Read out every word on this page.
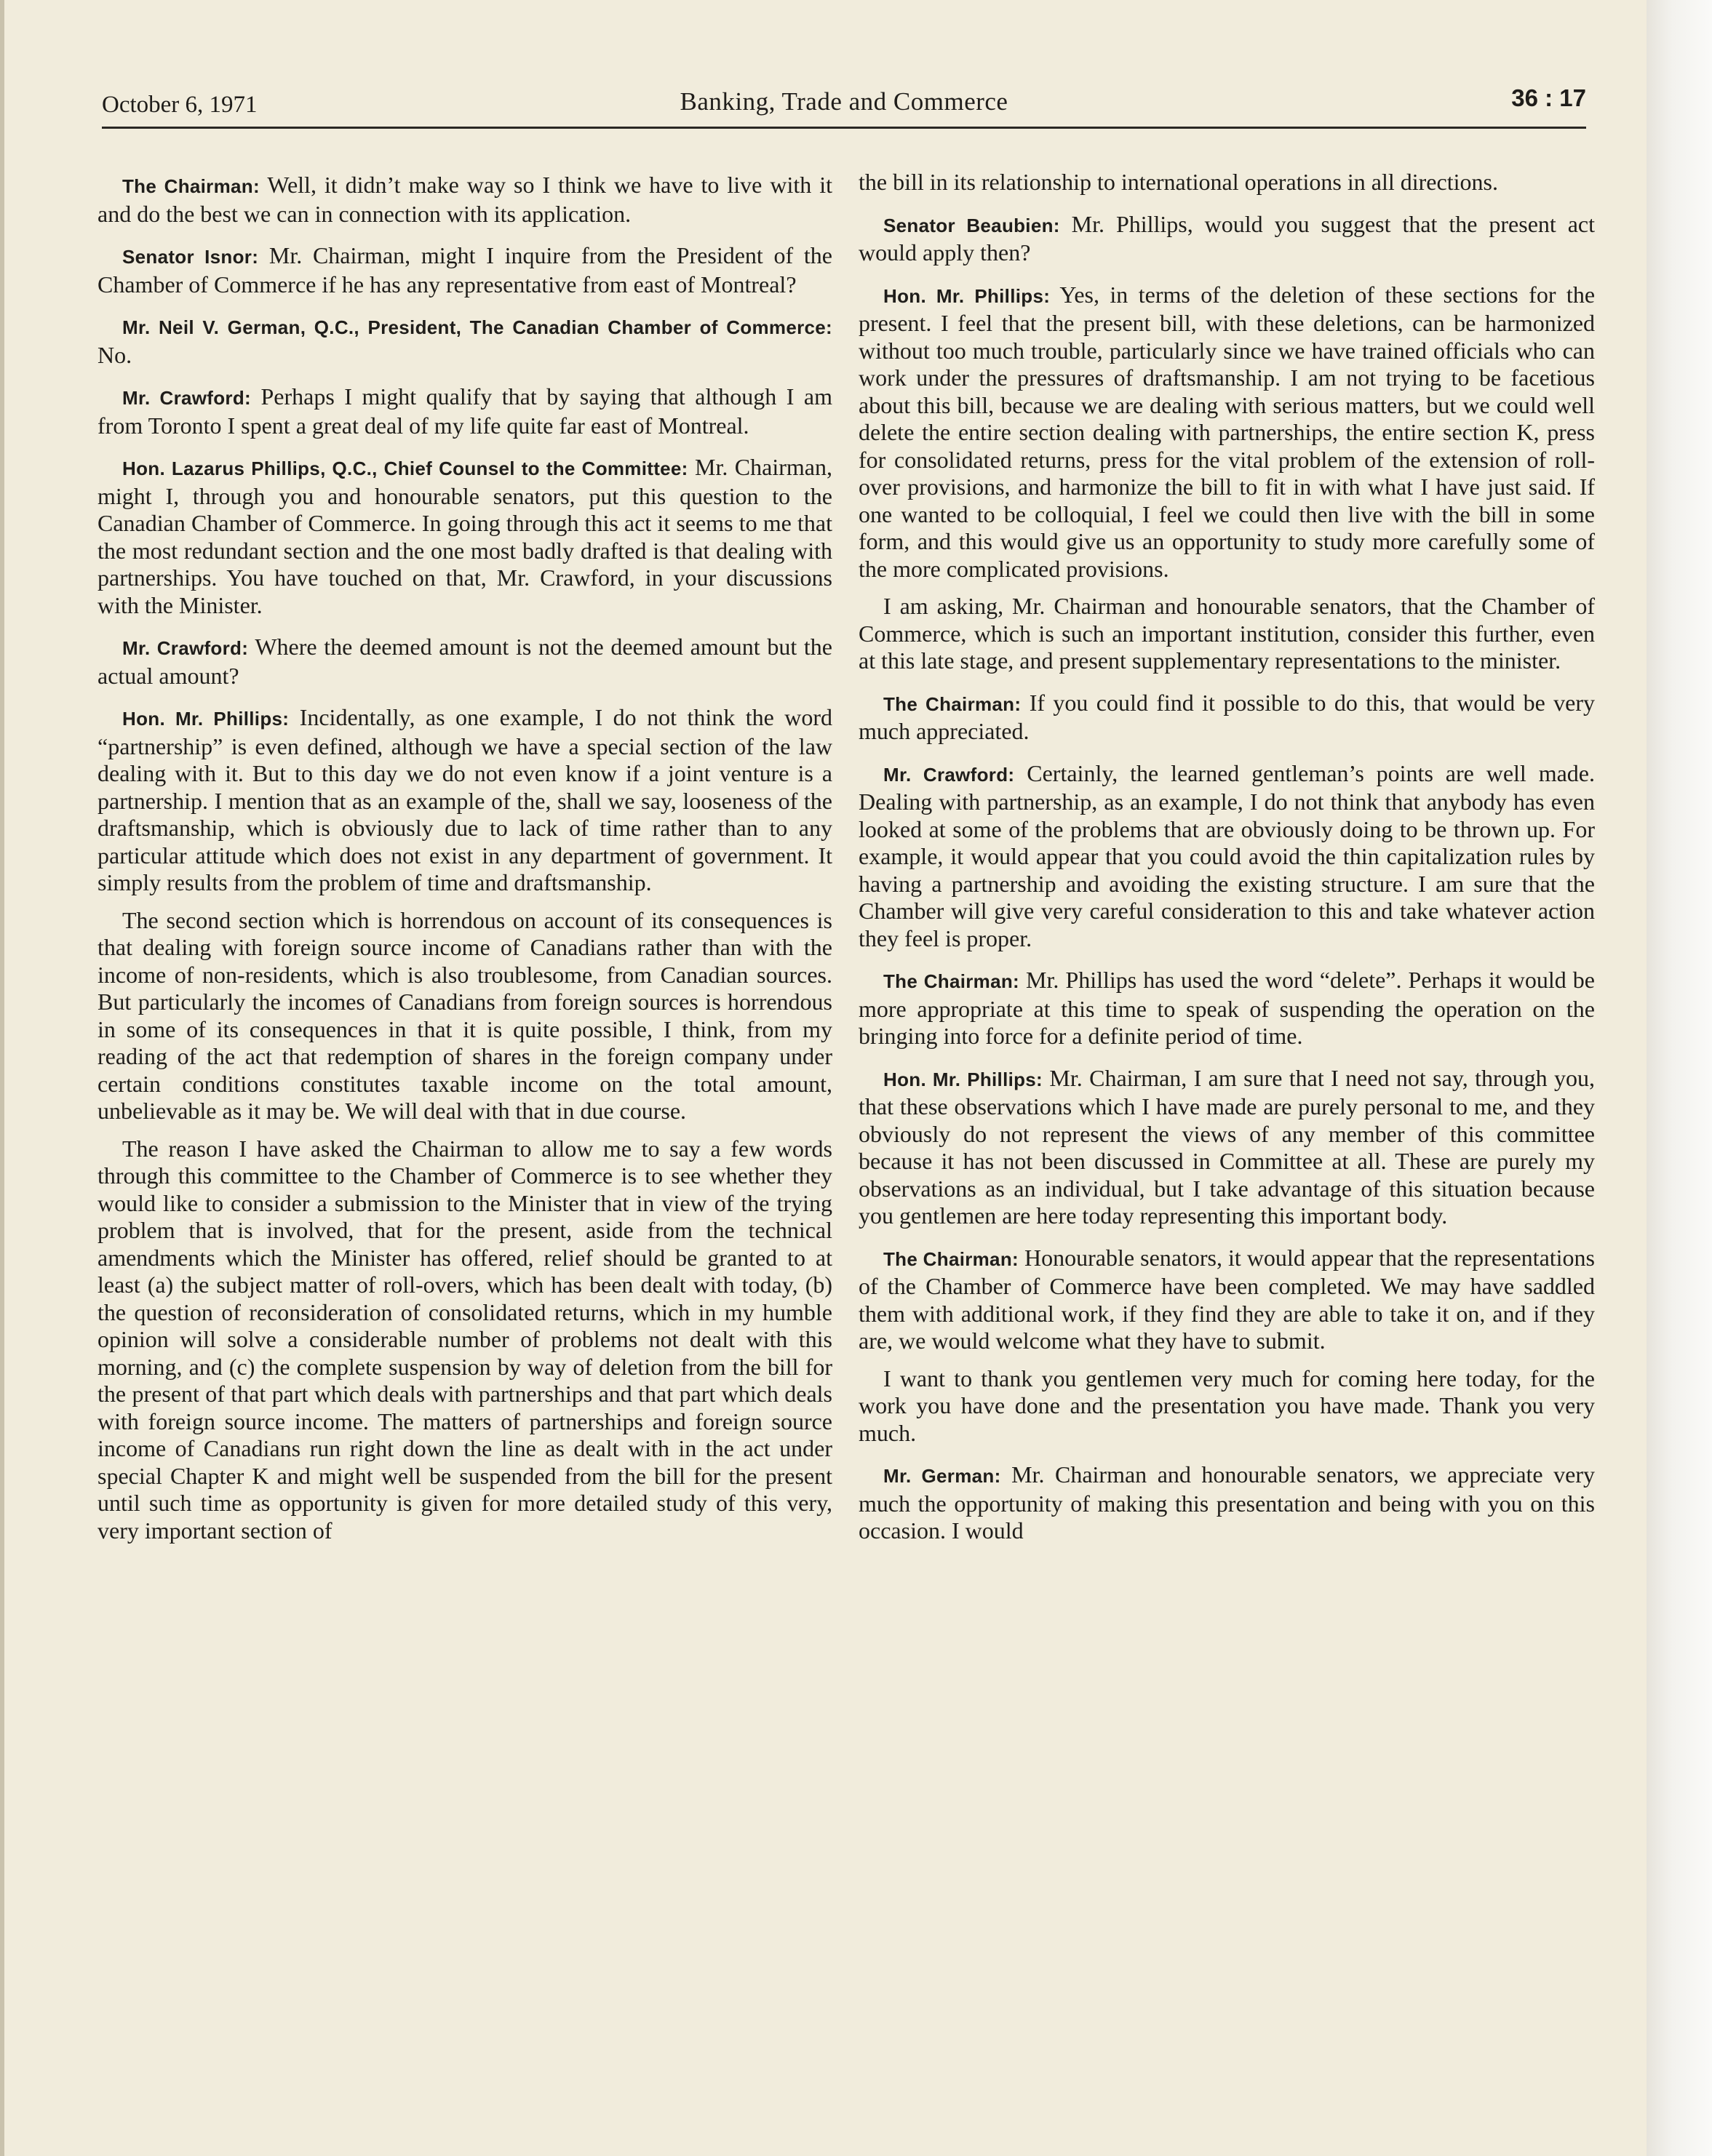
October 6, 1971	Banking, Trade and Commerce	36 : 17

The Chairman: Well, it didn’t make way so I think we have to live with it and do the best we can in connection with its application.

Senator Isnor: Mr. Chairman, might I inquire from the President of the Chamber of Commerce if he has any representative from east of Montreal?

Mr. Neil V. German, Q.C., President, The Canadian Chamber of Commerce: No.

Mr. Crawford: Perhaps I might qualify that by saying that although I am from Toronto I spent a great deal of my life quite far east of Montreal.

Hon. Lazarus Phillips, Q.C., Chief Counsel to the Committee: Mr. Chairman, might I, through you and honourable senators, put this question to the Canadian Chamber of Commerce. In going through this act it seems to me that the most redundant section and the one most badly drafted is that dealing with partnerships. You have touched on that, Mr. Crawford, in your discussions with the Minister.

Mr. Crawford: Where the deemed amount is not the deemed amount but the actual amount?

Hon. Mr. Phillips: Incidentally, as one example, I do not think the word “partnership” is even defined, although we have a special section of the law dealing with it. But to this day we do not even know if a joint venture is a partnership. I mention that as an example of the, shall we say, looseness of the draftsmanship, which is obviously due to lack of time rather than to any particular attitude which does not exist in any department of government. It simply results from the problem of time and draftsmanship.

The second section which is horrendous on account of its consequences is that dealing with foreign source income of Canadians rather than with the income of non-residents, which is also troublesome, from Canadian sources. But particularly the incomes of Canadians from foreign sources is horrendous in some of its consequences in that it is quite possible, I think, from my reading of the act that redemption of shares in the foreign company under certain conditions constitutes taxable income on the total amount, unbelievable as it may be. We will deal with that in due course.

The reason I have asked the Chairman to allow me to say a few words through this committee to the Chamber of Commerce is to see whether they would like to consider a submission to the Minister that in view of the trying problem that is involved, that for the present, aside from the technical amendments which the Minister has offered, relief should be granted to at least (a) the subject matter of roll-overs, which has been dealt with today, (b) the question of reconsideration of consolidated returns, which in my humble opinion will solve a considerable number of problems not dealt with this morning, and (c) the complete suspension by way of deletion from the bill for the present of that part which deals with partnerships and that part which deals with foreign source income. The matters of partnerships and foreign source income of Canadians run right down the line as dealt with in the act under special Chapter K and might well be suspended from the bill for the present until such time as opportunity is given for more detailed study of this very, very important section of

the bill in its relationship to international operations in all directions.

Senator Beaubien: Mr. Phillips, would you suggest that the present act would apply then?

Hon. Mr. Phillips: Yes, in terms of the deletion of these sections for the present. I feel that the present bill, with these deletions, can be harmonized without too much trouble, particularly since we have trained officials who can work under the pressures of draftsmanship. I am not trying to be facetious about this bill, because we are dealing with serious matters, but we could well delete the entire section dealing with partnerships, the entire section K, press for consolidated returns, press for the vital problem of the extension of roll-over provisions, and harmonize the bill to fit in with what I have just said. If one wanted to be colloquial, I feel we could then live with the bill in some form, and this would give us an opportunity to study more carefully some of the more complicated provisions.

I am asking, Mr. Chairman and honourable senators, that the Chamber of Commerce, which is such an important institution, consider this further, even at this late stage, and present supplementary representations to the minister.

The Chairman: If you could find it possible to do this, that would be very much appreciated.

Mr. Crawford: Certainly, the learned gentleman’s points are well made. Dealing with partnership, as an example, I do not think that anybody has even looked at some of the problems that are obviously doing to be thrown up. For example, it would appear that you could avoid the thin capitalization rules by having a partnership and avoiding the existing structure. I am sure that the Chamber will give very careful consideration to this and take whatever action they feel is proper.

The Chairman: Mr. Phillips has used the word “delete”. Perhaps it would be more appropriate at this time to speak of suspending the operation on the bringing into force for a definite period of time.

Hon. Mr. Phillips: Mr. Chairman, I am sure that I need not say, through you, that these observations which I have made are purely personal to me, and they obviously do not represent the views of any member of this committee because it has not been discussed in Committee at all. These are purely my observations as an individual, but I take advantage of this situation because you gentlemen are here today representing this important body.

The Chairman: Honourable senators, it would appear that the representations of the Chamber of Commerce have been completed. We may have saddled them with additional work, if they find they are able to take it on, and if they are, we would welcome what they have to submit.

I want to thank you gentlemen very much for coming here today, for the work you have done and the presentation you have made. Thank you very much.

Mr. German: Mr. Chairman and honourable senators, we appreciate very much the opportunity of making this presentation and being with you on this occasion. I would
